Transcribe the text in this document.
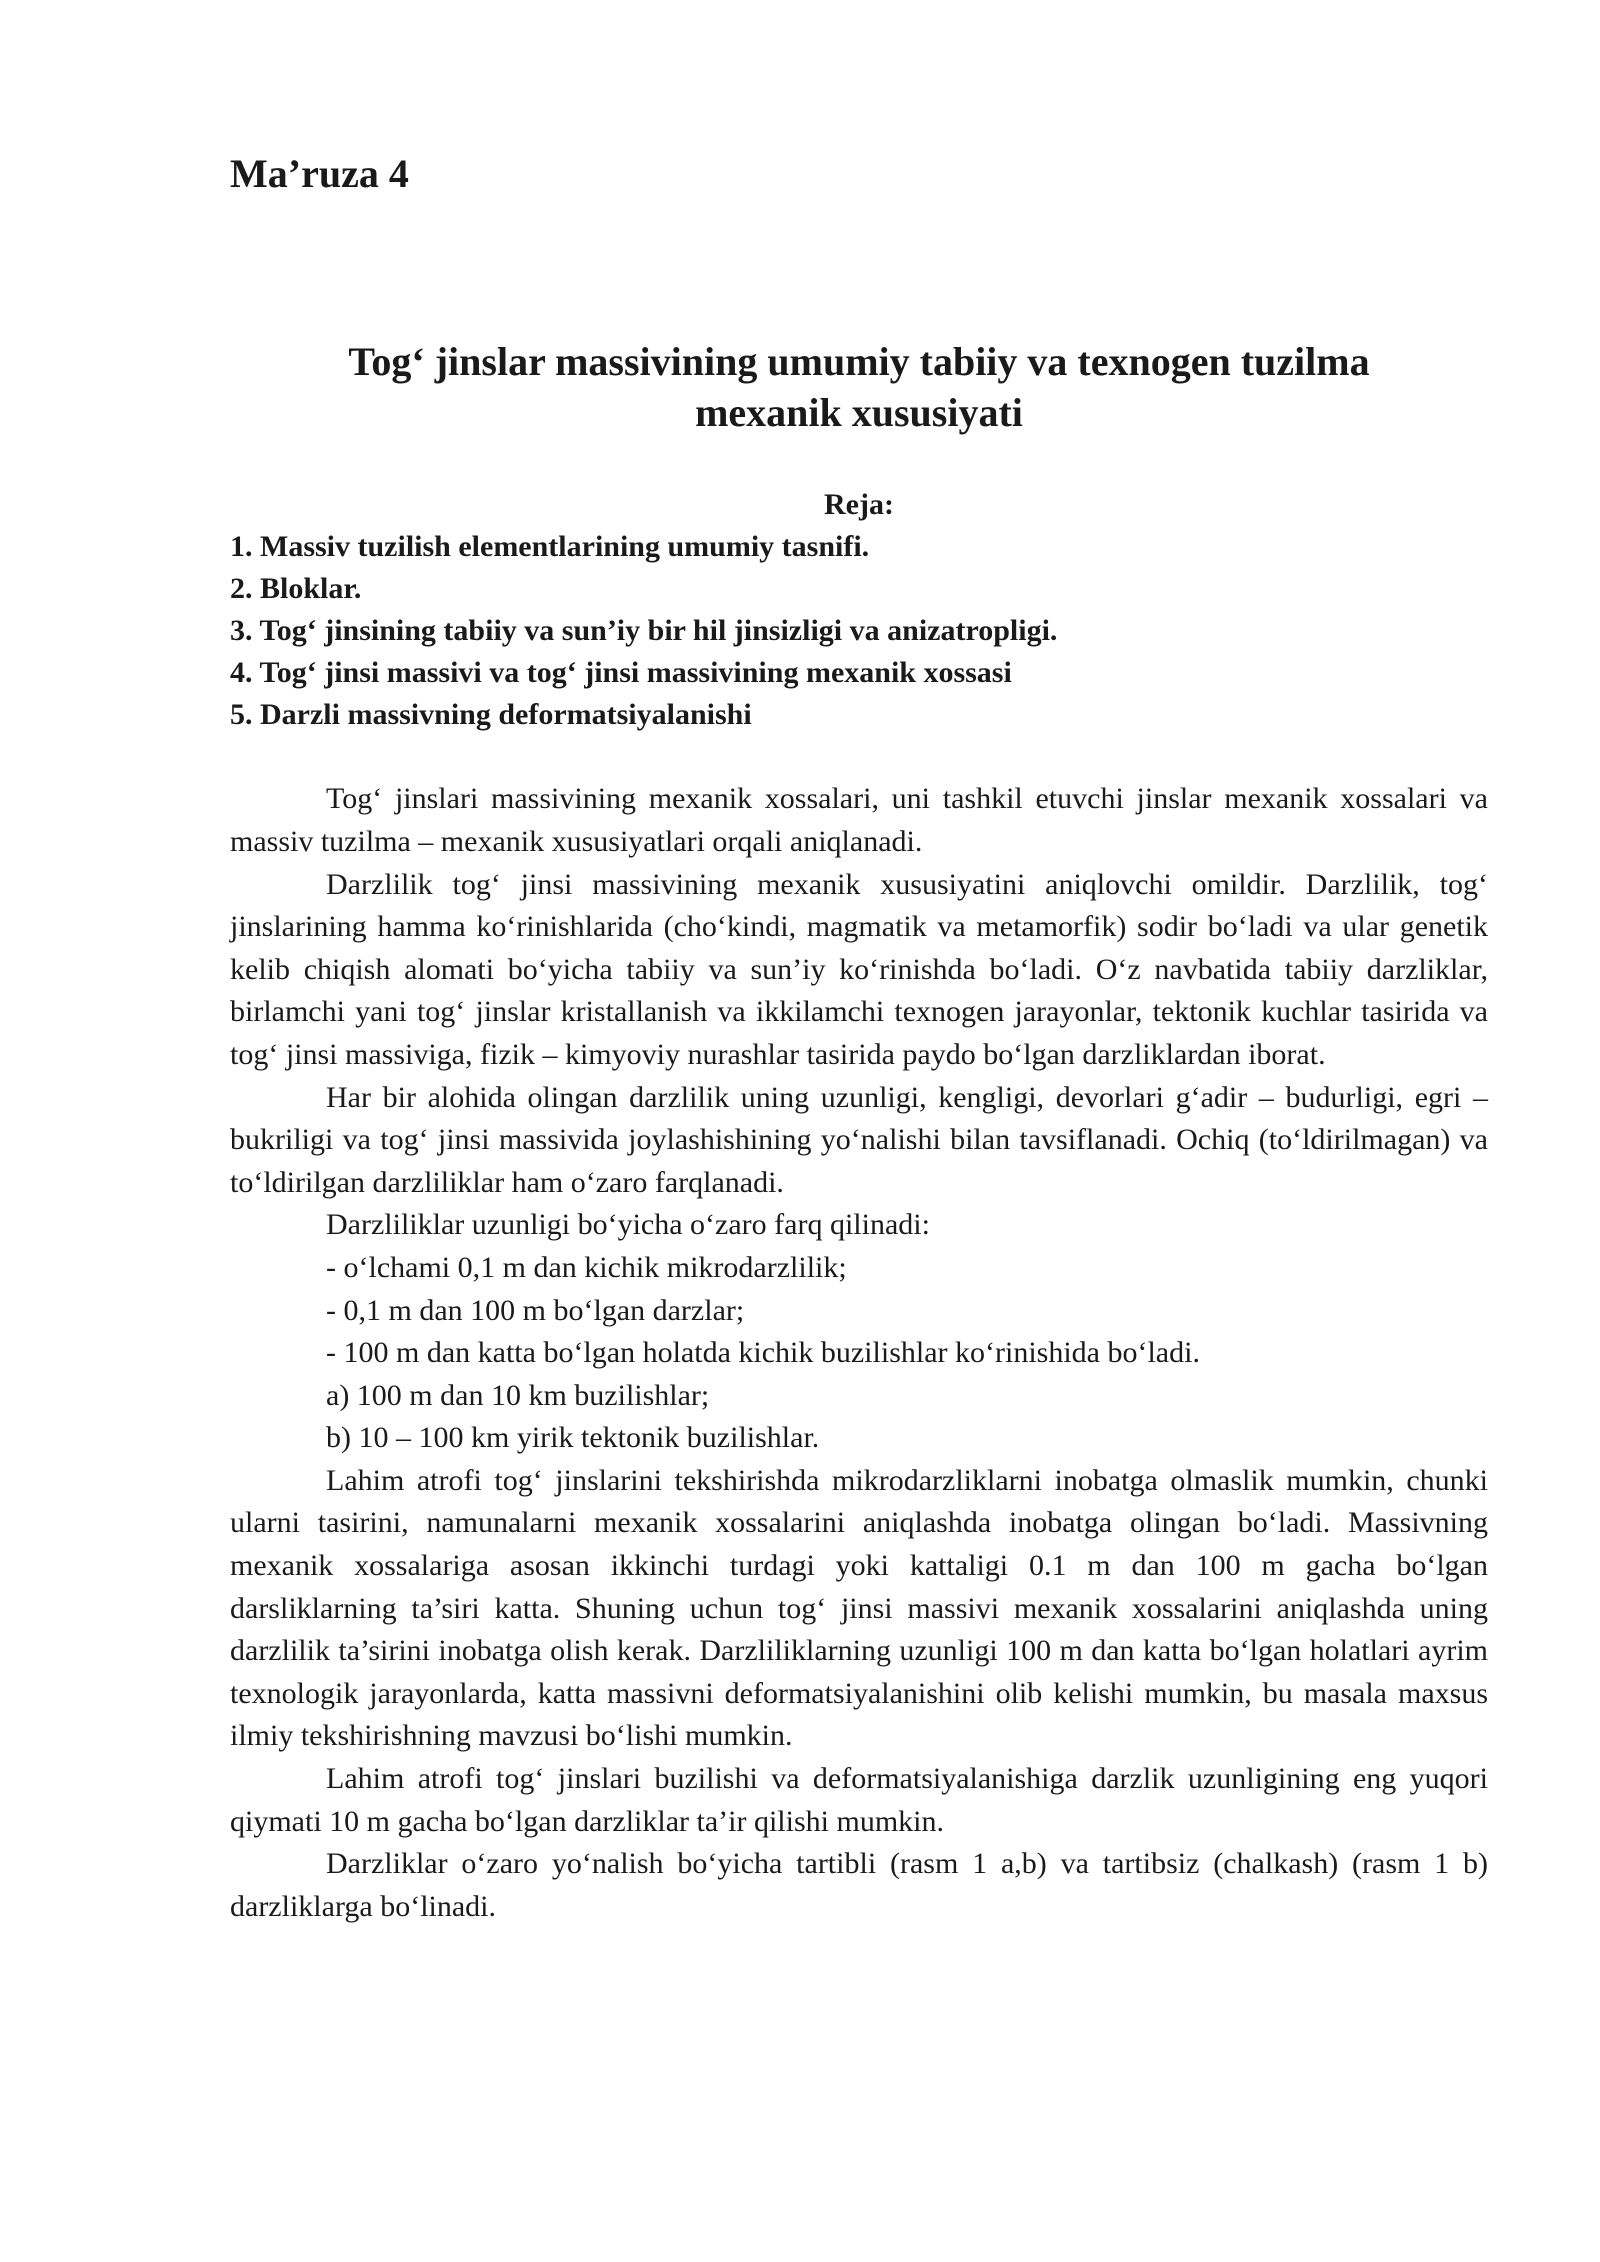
Ma’ruza 4
Tog‘ jinslar massivining umumiy tabiiy va texnogen tuzilma
mexanik xususiyati
Reja:
1. Massiv tuzilish elementlarining umumiy tasnifi.
2. Bloklar.
3. Tog‘ jinsining tabiiy va sun’iy bir hil jinsizligi va anizatropligi.
4. Tog‘ jinsi massivi va tog‘ jinsi massivining mexanik xossasi
5. Darzli massivning deformatsiyalanishi

Tog‘ jinslari massivining mexanik xossalari, uni tashkil etuvchi jinslar mexanik xossalari va massiv tuzilma – mexanik xususiyatlari orqali aniqlanadi.

Darzlilik tog‘ jinsi massivining mexanik xususiyatini aniqlovchi omildir. Darzlilik, tog‘ jinslarining hamma ko‘rinishlarida (cho‘kindi, magmatik va metamorfik) sodir bo‘ladi va ular genetik kelib chiqish alomati bo‘yicha tabiiy va sun’iy ko‘rinishda bo‘ladi. O‘z navbatida tabiiy darzliklar, birlamchi yani tog‘ jinslar kristallanish va ikkilamchi texnogen jarayonlar, tektonik kuchlar tasirida va tog‘ jinsi massiviga, fizik – kimyoviy nurashlar tasirida paydo bo‘lgan darzliklardan iborat.

Har bir alohida olingan darzlilik uning uzunligi, kengligi, devorlari g‘adir – budurligi, egri – bukriligi va tog‘ jinsi massivida joylashishining yo‘nalishi bilan tavsiflanadi. Ochiq (to‘ldirilmagan) va to‘ldirilgan darzliliklar ham o‘zaro farqlanadi.

Darzliliklar uzunligi bo‘yicha o‘zaro farq qilinadi:

- o‘lchami 0,1 m dan kichik mikrodarzlilik;

- 0,1 m dan 100 m bo‘lgan darzlar;

- 100 m dan katta bo‘lgan holatda kichik buzilishlar ko‘rinishida bo‘ladi.

a) 100 m dan 10 km buzilishlar;

b) 10 – 100 km yirik tektonik buzilishlar.

Lahim atrofi tog‘ jinslarini tekshirishda mikrodarzliklarni inobatga olmaslik mumkin, chunki ularni tasirini, namunalarni mexanik xossalarini aniqlashda inobatga olingan bo‘ladi. Massivning mexanik xossalariga asosan ikkinchi turdagi yoki kattaligi 0.1 m dan 100 m gacha bo‘lgan darsliklarning ta’siri katta. Shuning uchun tog‘ jinsi massivi mexanik xossalarini aniqlashda uning darzlilik ta’sirini inobatga olish kerak. Darzliliklarning uzunligi 100 m dan katta bo‘lgan holatlari ayrim texnologik jarayonlarda, katta massivni deformatsiyalanishini olib kelishi mumkin, bu masala maxsus ilmiy tekshirishning mavzusi bo‘lishi mumkin.

Lahim atrofi tog‘ jinslari buzilishi va deformatsiyalanishiga darzlik uzunligining eng yuqori qiymati 10 m gacha bo‘lgan darzliklar ta’ir qilishi mumkin.

Darzliklar o‘zaro yo‘nalish bo‘yicha tartibli (rasm 1 a,b) va tartibsiz (chalkash) (rasm 1 b) darzliklarga bo‘linadi.
